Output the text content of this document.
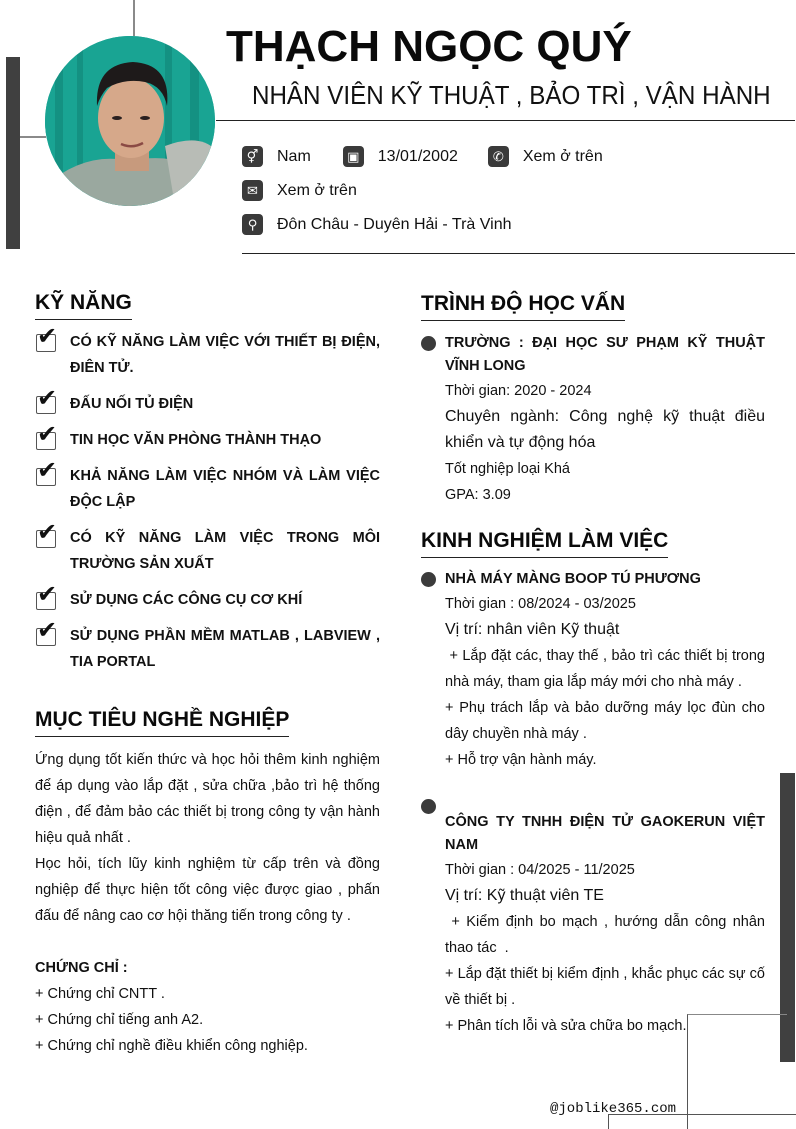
THẠCH NGỌC QUÝ
NHÂN VIÊN KỸ THUẬT , BẢO TRÌ , VẬN HÀNH
⚥ Nam	▣ 13/01/2002	✆	Xem ở trên
✉	Xem ở trên
⚲	Đôn Châu - Duyên Hải - Trà Vinh
KỸ NĂNG
✔ CÓ KỸ NĂNG LÀM VIỆC VỚI THIẾT BỊ ĐIỆN, ĐIÊN TỬ.
✔ ĐẤU NỐI TỦ ĐIỆN
✔ TIN HỌC VĂN PHÒNG THÀNH THẠO
✔ KHẢ NĂNG LÀM VIỆC NHÓM VÀ LÀM VIỆC ĐỘC LẬP
✔ CÓ KỸ NĂNG LÀM VIỆC TRONG MÔI TRƯỜNG SẢN XUẤT
✔ SỬ DỤNG CÁC CÔNG CỤ CƠ KHÍ
✔ SỬ DỤNG PHẦN MỀM MATLAB , LABVIEW , TIA PORTAL
MỤC TIÊU NGHỀ NGHIỆP

Ứng dụng tốt kiến thức và học hỏi thêm kinh nghiệm để áp dụng vào lắp đặt , sửa chữa ,bảo trì hệ thống điện , để đảm bảo các thiết bị trong công ty vận hành hiệu quả nhất .

Học hỏi, tích lũy kinh nghiệm từ cấp trên và đồng nghiệp để thực hiện tốt công việc được giao , phấn đấu để nâng cao cơ hội thăng tiến trong công ty .

CHỨNG CHỈ :

+ Chứng chỉ CNTT .

+ Chứng chỉ tiếng anh A2.

+ Chứng chỉ nghề điều khiển công nghiệp.

TRÌNH ĐỘ HỌC VẤN
TRƯỜNG : ĐẠI HỌC SƯ PHẠM KỸ THUẬT VĨNH LONG
Thời gian: 2020 - 2024
Chuyên ngành: Công nghệ kỹ thuật điều khiển và tự động hóa
Tốt nghiệp loại Khá
GPA: 3.09
KINH NGHIỆM LÀM VIỆC
NHÀ MÁY MÀNG BOOP TÚ PHƯƠNG
Thời gian : 08/2024 - 03/2025
Vị trí: nhân viên Kỹ thuật
+ Lắp đặt các, thay thế , bảo trì các thiết bị trong nhà máy, tham gia lắp máy mới cho nhà máy .
+ Phụ trách lắp và bảo dưỡng máy lọc đùn cho dây chuyền nhà máy .
+ Hỗ trợ vận hành máy.
CÔNG TY TNHH ĐIỆN TỬ GAOKERUN VIỆT NAM
Thời gian : 04/2025 - 11/2025
Vị trí: Kỹ thuật viên TE
+ Kiểm định bo mạch , hướng dẫn công nhân thao tác  .
+ Lắp đặt thiết bị kiểm định , khắc phục các sự cố về thiết bị .
+ Phân tích lỗi và sửa chữa bo mạch.
@joblike365.com
